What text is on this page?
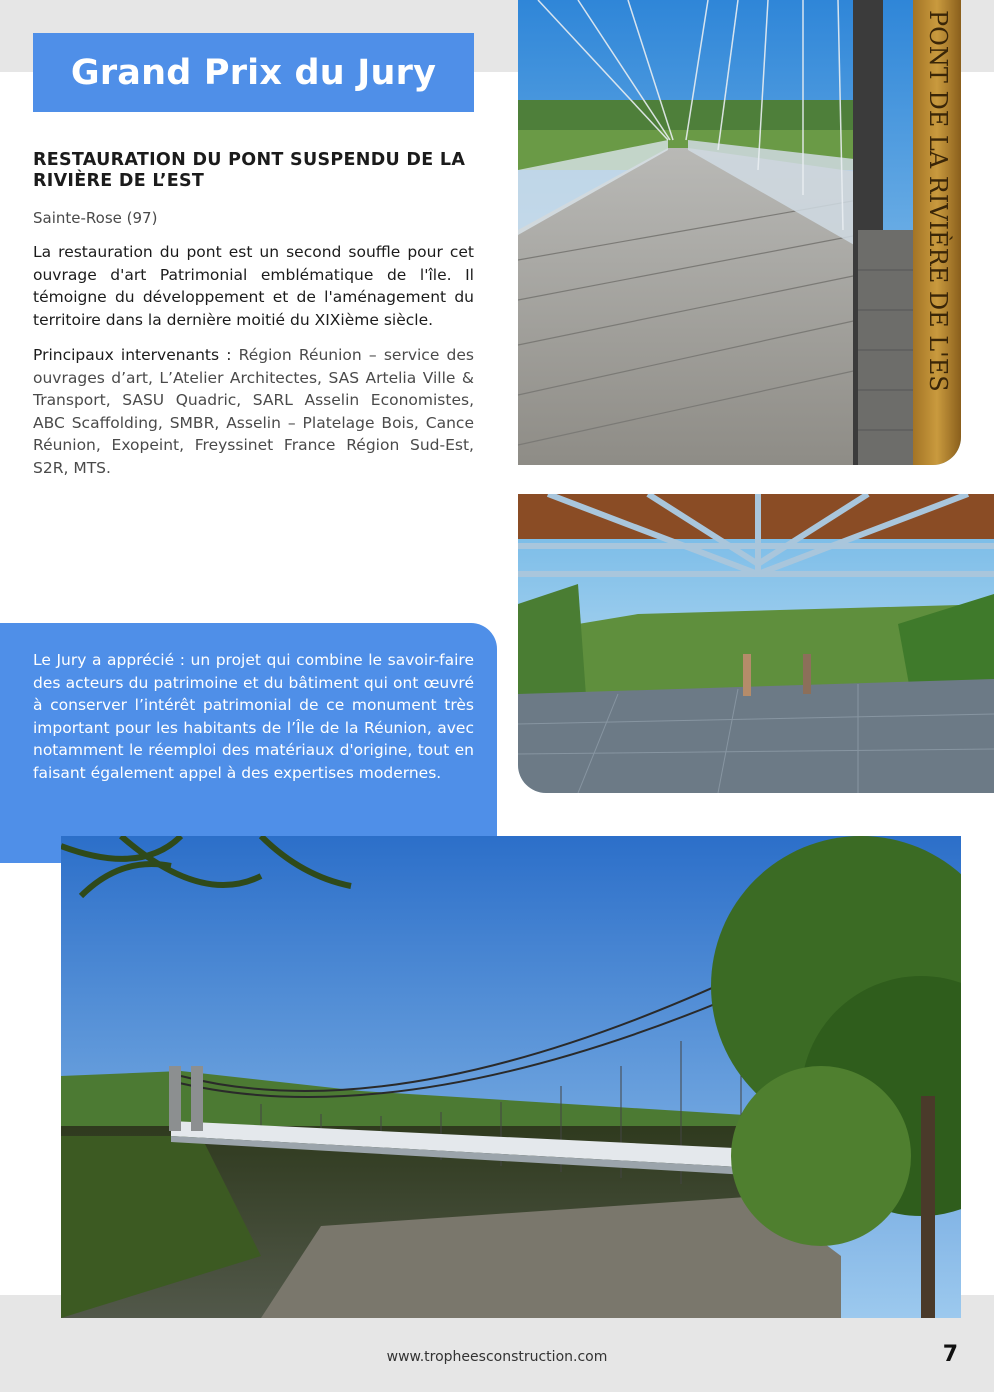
Grand Prix du Jury
RESTAURATION DU PONT SUSPENDU DE LA RIVIÈRE DE L’EST

Sainte-Rose (97)

La restauration du pont est un second souffle pour cet ouvrage d'art Patrimonial emblématique de l'île. Il témoigne du développement et de l'aménagement du territoire dans la dernière moitié du XIXième siècle.

Principaux intervenants : Région Réunion – service des ouvrages d’art, L’Atelier Architectes, SAS Artelia Ville & Transport, SASU Quadric, SARL Asselin Economistes, ABC Scaffolding, SMBR, Asselin – Platelage Bois, Cance Réunion, Exopeint, Freyssinet France Région Sud-Est, S2R, MTS.

Le Jury a apprécié : un projet qui combine le savoir-faire des acteurs du patrimoine et du bâtiment qui ont œuvré à conserver l’intérêt patrimonial de ce monument très important pour les habitants de l’Île de la Réunion, avec notamment le réemploi des matériaux d'origine, tout en faisant également appel à des expertises modernes.

PONT DE LA RIVIÈRE DE L'ES
www.tropheesconstruction.com	7
